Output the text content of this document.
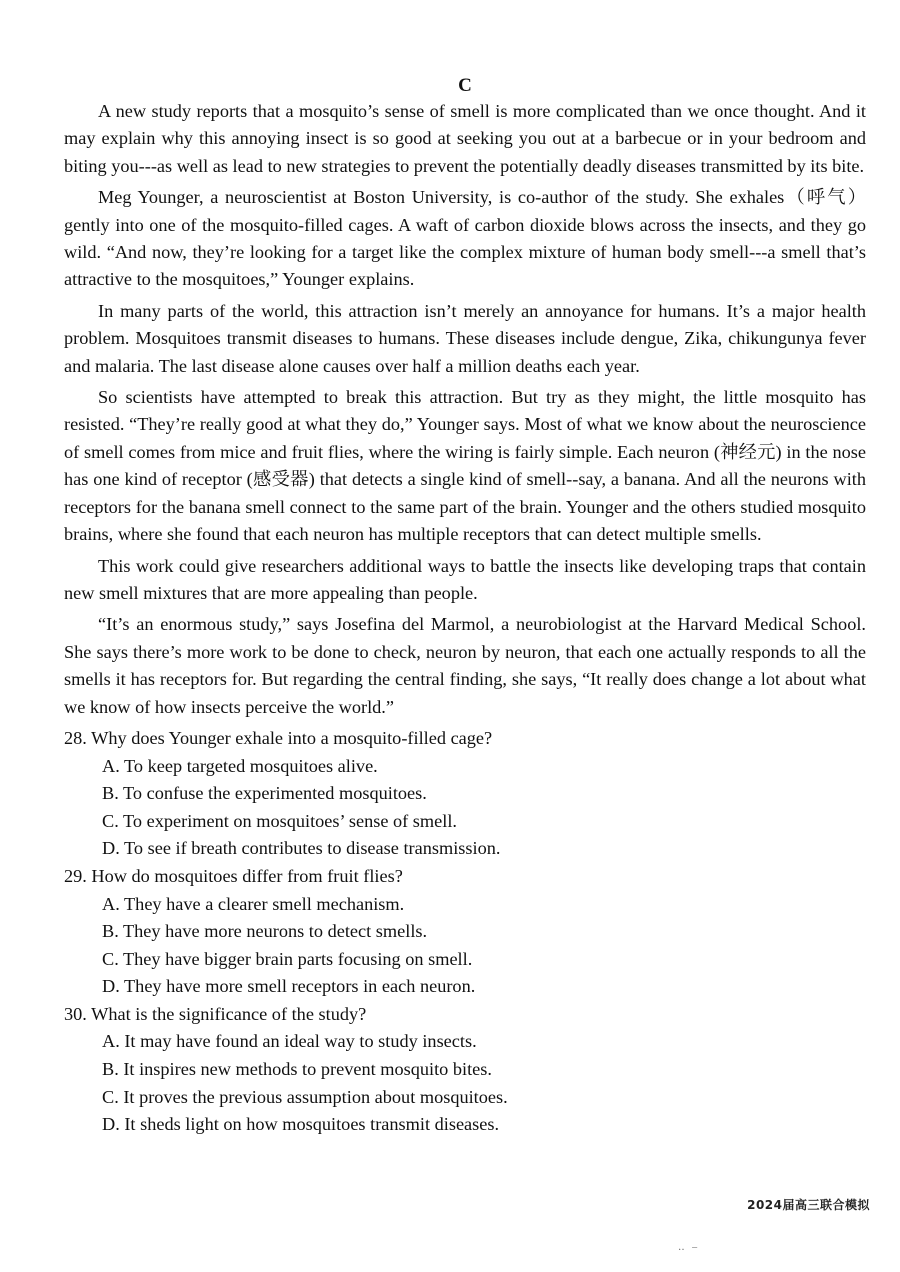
C

A new study reports that a mosquito’s sense of smell is more complicated than we once thought. And it may explain why this annoying insect is so good at seeking you out at a barbecue or in your bedroom and biting you---as well as lead to new strategies to prevent the potentially deadly diseases transmitted by its bite.

Meg Younger, a neuroscientist at Boston University, is co-author of the study. She exhales（呼气）gently into one of the mosquito-filled cages. A waft of carbon dioxide blows across the insects, and they go wild. “And now, they’re looking for a target like the complex mixture of human body smell---a smell that’s attractive to the mosquitoes,” Younger explains.

In many parts of the world, this attraction isn’t merely an annoyance for humans. It’s a major health problem. Mosquitoes transmit diseases to humans. These diseases include dengue, Zika, chikungunya fever and malaria. The last disease alone causes over half a million deaths each year.

So scientists have attempted to break this attraction. But try as they might, the little mosquito has resisted. “They’re really good at what they do,” Younger says. Most of what we know about the neuroscience of smell comes from mice and fruit flies, where the wiring is fairly simple. Each neuron (神经元) in the nose has one kind of receptor (感受器) that detects a single kind of smell--say, a banana. And all the neurons with receptors for the banana smell connect to the same part of the brain. Younger and the others studied mosquito brains, where she found that each neuron has multiple receptors that can detect multiple smells.

This work could give researchers additional ways to battle the insects like developing traps that contain new smell mixtures that are more appealing than people.

“It’s an enormous study,” says Josefina del Marmol, a neurobiologist at the Harvard Medical School. She says there’s more work to be done to check, neuron by neuron, that each one actually responds to all the smells it has receptors for. But regarding the central finding, she says, “It really does change a lot about what we know of how insects perceive the world.”

28. Why does Younger exhale into a mosquito-filled cage?

A. To keep targeted mosquitoes alive.

B. To confuse the experimented mosquitoes.

C. To experiment on mosquitoes’ sense of smell.

D. To see if breath contributes to disease transmission.

29. How do mosquitoes differ from fruit flies?

A. They have a clearer smell mechanism.

B. They have more neurons to detect smells.

C. They have bigger brain parts focusing on smell.

D. They have more smell receptors in each neuron.

30. What is the significance of the study?

A. It may have found an ideal way to study insects.

B. It inspires new methods to prevent mosquito bites.

C. It proves the previous assumption about mosquitoes.

D. It sheds light on how mosquitoes transmit diseases.

2024届高三联合模拟
‥   ‒
